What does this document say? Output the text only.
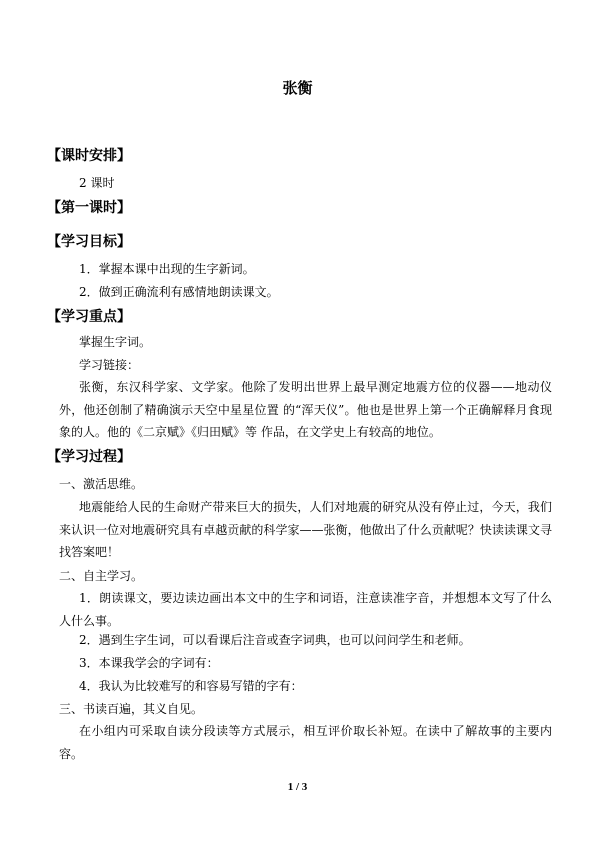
张衡
【课时安排】
2 课时
【第一课时】
【学习目标】
1．掌握本课中出现的生字新词。
2．做到正确流利有感情地朗读课文。
【学习重点】
掌握生字词。
学习链接：
张衡，东汉科学家、文学家。他除了发明出世界上最早测定地震方位的仪器——地动仪外，他还创制了精确演示天空中星星位置 的“浑天仪”。他也是世界上第一个正确解释月食现象的人。他的《二京赋》《归田赋》等 作品，在文学史上有较高的地位。
【学习过程】
一、激活思维。
地震能给人民的生命财产带来巨大的损失，人们对地震的研究从没有停止过，今天，我们来认识一位对地震研究具有卓越贡献的科学家——张衡，他做出了什么贡献呢？快读读课文寻找答案吧！
二、自主学习。
1．朗读课文，要边读边画出本文中的生字和词语，注意读准字音，并想想本文写了什么人什么事。
2．遇到生字生词，可以看课后注音或查字词典，也可以问问学生和老师。
3．本课我学会的字词有：
4．我认为比较难写的和容易写错的字有：
三、书读百遍，其义自见。
在小组内可采取自读分段读等方式展示，相互评价取长补短。在读中了解故事的主要内容。
1 / 3
